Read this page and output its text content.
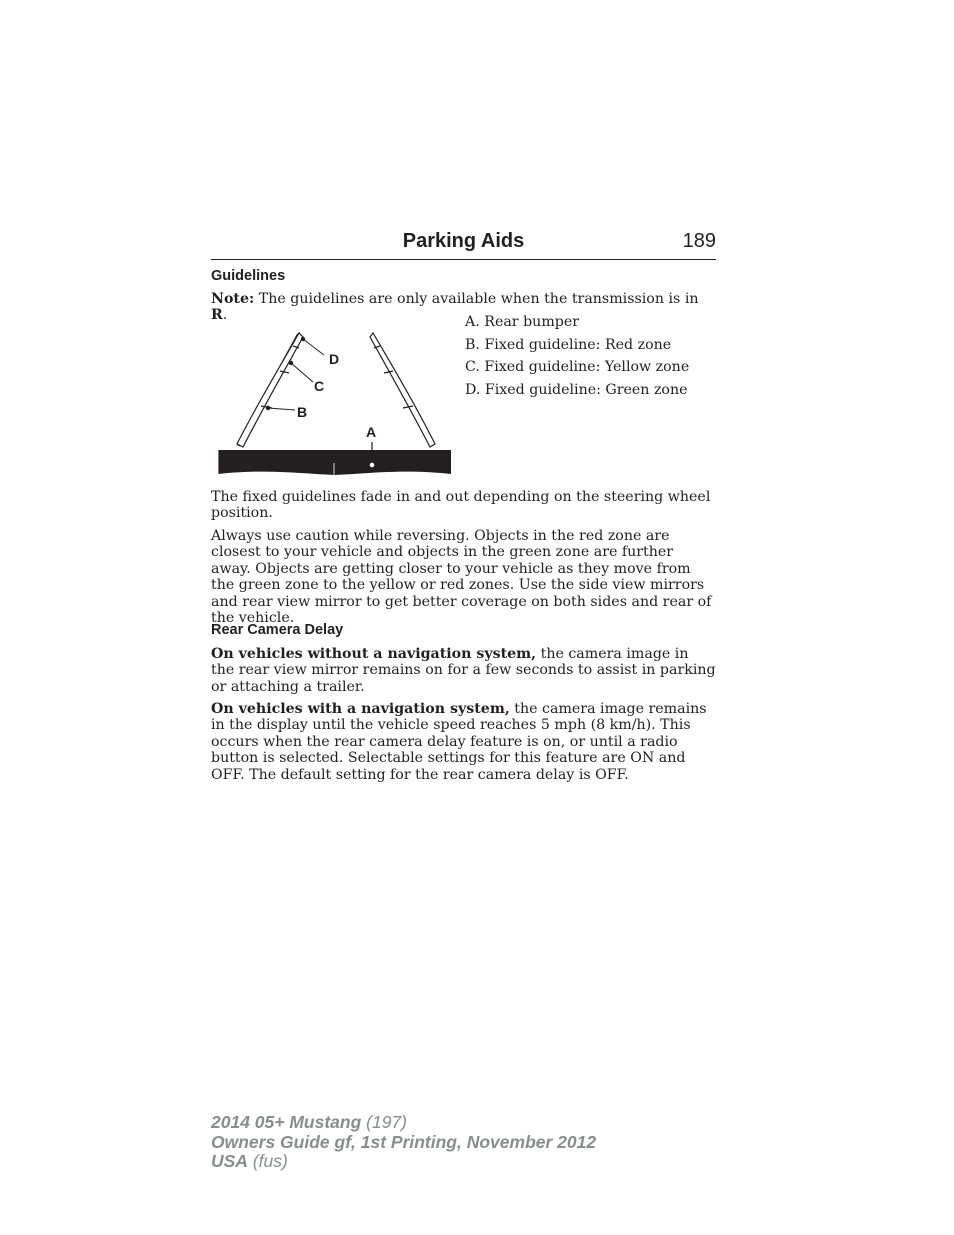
Parking Aids	189
Guidelines

Note: The guidelines are only available when the transmission is in R.

D
C
B
A
A. Rear bumper
B. Fixed guideline: Red zone
C. Fixed guideline: Yellow zone
D. Fixed guideline: Green zone

The fixed guidelines fade in and out depending on the steering wheel position.

Always use caution while reversing. Objects in the red zone are closest to your vehicle and objects in the green zone are further away. Objects are getting closer to your vehicle as they move from the green zone to the yellow or red zones. Use the side view mirrors and rear view mirror to get better coverage on both sides and rear of the vehicle.

Rear Camera Delay

On vehicles without a navigation system, the camera image in the rear view mirror remains on for a few seconds to assist in parking or attaching a trailer.

On vehicles with a navigation system, the camera image remains in the display until the vehicle speed reaches 5 mph (8 km/h). This occurs when the rear camera delay feature is on, or until a radio button is selected. Selectable settings for this feature are ON and OFF. The default setting for the rear camera delay is OFF.

2014 05+ Mustang (197)
Owners Guide gf, 1st Printing, November 2012
USA (fus)
